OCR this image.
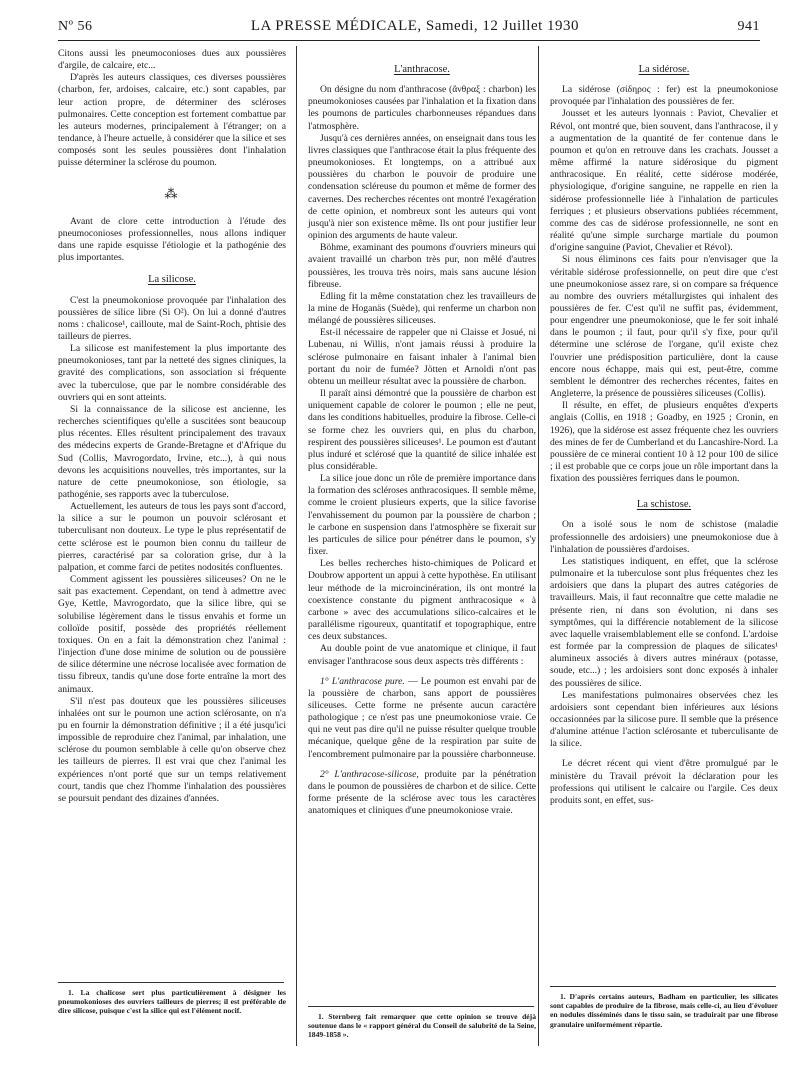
Nº 56	LA PRESSE MÉDICALE, Samedi, 12 Juillet 1930	941

Citons aussi les pneumoconioses dues aux poussières d'argile, de calcaire, etc...

D'après les auteurs classiques, ces diverses poussières (charbon, fer, ardoises, calcaire, etc.) sont capables, par leur action propre, de déterminer des scléroses pulmonaires. Cette conception est fortement combattue par les auteurs modernes, principalement à l'étranger; on a tendance, à l'heure actuelle, à considérer que la silice et ses composés sont les seules poussières dont l'inhalation puisse déterminer la sclérose du poumon.

⁂

Avant de clore cette introduction à l'étude des pneumoconioses professionnelles, nous allons indiquer dans une rapide esquisse l'étiologie et la pathogénie des plus importantes.

La silicose.

C'est la pneumokoniose provoquée par l'inhalation des poussières de silice libre (Si O²). On lui a donné d'autres noms : chalicose¹, cailloute, mal de Saint-Roch, phtisie des tailleurs de pierres.

La silicose est manifestement la plus importante des pneumokonioses, tant par la netteté des signes cliniques, la gravité des complications, son association si fréquente avec la tuberculose, que par le nombre considérable des ouvriers qui en sont atteints.

Si la connaissance de la silicose est ancienne, les recherches scientifiques qu'elle a suscitées sont beaucoup plus récentes. Elles résultent principalement des travaux des médecins experts de Grande-Bretagne et d'Afrique du Sud (Collis, Mavrogordato, Irvine, etc...), à qui nous devons les acquisitions nouvelles, très importantes, sur la nature de cette pneumokoniose, son étiologie, sa pathogénie, ses rapports avec la tuberculose.

Actuellement, les auteurs de tous les pays sont d'accord, la silice a sur le poumon un pouvoir sclérosant et tuberculisant non douteux. Le type le plus représentatif de cette sclérose est le poumon bien connu du tailleur de pierres, caractérisé par sa coloration grise, dur à la palpation, et comme farci de petites nodosités confluentes.

Comment agissent les poussières siliceuses? On ne le sait pas exactement. Cependant, on tend à admettre avec Gye, Kettle, Mavrogordato, que la silice libre, qui se solubilise légèrement dans le tissus envahis et forme un colloïde positif, possède des propriétés réellement toxiques. On en a fait la démonstration chez l'animal : l'injection d'une dose minime de solution ou de poussière de silice détermine une nécrose localisée avec formation de tissu fibreux, tandis qu'une dose forte entraîne la mort des animaux.

S'il n'est pas douteux que les poussières siliceuses inhalées ont sur le poumon une action sclérosante, on n'a pu en fournir la démonstration définitive ; il a été jusqu'ici impossible de reproduire chez l'animal, par inhalation, une sclérose du poumon semblable à celle qu'on observe chez les tailleurs de pierres. Il est vrai que chez l'animal les expériences n'ont porté que sur un temps relativement court, tandis que chez l'homme l'inhalation des poussières se poursuit pendant des dizaines d'années.

L'anthracose.

On désigne du nom d'anthracose (ἄνθραξ : charbon) les pneumokonioses causées par l'inhalation et la fixation dans les poumons de particules charbonneuses répandues dans l'atmosphère.

Jusqu'à ces dernières années, on enseignait dans tous les livres classiques que l'anthracose était la plus fréquente des pneumokonioses. Et longtemps, on a attribué aux poussières du charbon le pouvoir de produire une condensation scléreuse du poumon et même de former des cavernes. Des recherches récentes ont montré l'exagération de cette opinion, et nombreux sont les auteurs qui vont jusqu'à nier son existence même. Ils ont pour justifier leur opinion des arguments de haute valeur.

Böhme, examinant des poumons d'ouvriers mineurs qui avaient travaillé un charbon très pur, non mêlé d'autres poussières, les trouva très noirs, mais sans aucune lésion fibreuse.

Edling fit la même constatation chez les travailleurs de la mine de Hoganäs (Suède), qui renferme un charbon non mélangé de poussières siliceuses.

Est-il nécessaire de rappeler que ni Claisse et Josué, ni Lubenau, ni Willis, n'ont jamais réussi à produire la sclérose pulmonaire en faisant inhaler à l'animal bien portant du noir de fumée? Jötten et Arnoldi n'ont pas obtenu un meilleur résultat avec la poussière de charbon.

Il paraît ainsi démontré que la poussière de charbon est uniquement capable de colorer le poumon ; elle ne peut, dans les conditions habituelles, produire la fibrose. Celle-ci se forme chez les ouvriers qui, en plus du charbon, respirent des poussières siliceuses¹. Le poumon est d'autant plus induré et sclérosé que la quantité de silice inhalée est plus considérable.

La silice joue donc un rôle de première importance dans la formation des scléroses anthracosiques. Il semble même, comme le croient plusieurs experts, que la silice favorise l'envahissement du poumon par la poussière de charbon ; le carbone en suspension dans l'atmosphère se fixerait sur les particules de silice pour pénétrer dans le poumon, s'y fixer.

Les belles recherches histo-chimiques de Policard et Doubrow apportent un appui à cette hypothèse. En utilisant leur méthode de la microincinération, ils ont montré la coexistence constante du pigment anthracosique « à carbone » avec des accumulations silico-calcaires et le parallélisme rigoureux, quantitatif et topographique, entre ces deux substances.

Au double point de vue anatomique et clinique, il faut envisager l'anthracose sous deux aspects très différents :

1° L'anthracose pure. — Le poumon est envahi par de la poussière de charbon, sans apport de poussières siliceuses. Cette forme ne présente aucun caractère pathologique ; ce n'est pas une pneumokoniose vraie. Ce qui ne veut pas dire qu'il ne puisse résulter quelque trouble mécanique, quelque gêne de la respiration par suite de l'encombrement pulmonaire par la poussière charbonneuse.

2° L'anthracose-silicose, produite par la pénétration dans le poumon de poussières de charbon et de silice. Cette forme présente de la sclérose avec tous les caractères anatomiques et cliniques d'une pneumokoniose vraie.

La sidérose.

La sidérose (σίδηρος : fer) est la pneumokoniose provoquée par l'inhalation des poussières de fer.

Jousset et les auteurs lyonnais : Paviot, Chevalier et Révol, ont montré que, bien souvent, dans l'anthracose, il y a augmentation de la quantité de fer contenue dans le poumon et qu'on en retrouve dans les crachats. Jousset a même affirmé la nature sidérosique du pigment anthracosique. En réalité, cette sidérose modérée, physiologique, d'origine sanguine, ne rappelle en rien la sidérose professionnelle liée à l'inhalation de particules ferriques ; et plusieurs observations publiées récemment, comme des cas de sidérose professionnelle, ne sont en réalité qu'une simple surcharge martiale du poumon d'origine sanguine (Paviot, Chevalier et Révol).

Si nous éliminons ces faits pour n'envisager que la véritable sidérose professionnelle, on peut dire que c'est une pneumokoniose assez rare, si on compare sa fréquence au nombre des ouvriers métallurgistes qui inhalent des poussières de fer. C'est qu'il ne suffit pas, évidemment, pour engendrer une pneumokoniose, que le fer soit inhalé dans le poumon ; il faut, pour qu'il s'y fixe, pour qu'il détermine une sclérose de l'organe, qu'il existe chez l'ouvrier une prédisposition particulière, dont la cause encore nous échappe, mais qui est, peut-être, comme semblent le démontrer des recherches récentes, faites en Angleterre, la présence de poussières siliceuses (Collis).

Il résulte, en effet, de plusieurs enquêtes d'experts anglais (Collis, en 1918 ; Goadby, en 1925 ; Cronin, en 1926), que la sidérose est assez fréquente chez les ouvriers des mines de fer de Cumberland et du Lancashire-Nord. La poussière de ce minerai contient 10 à 12 pour 100 de silice ; il est probable que ce corps joue un rôle important dans la fixation des poussières ferriques dans le poumon.

La schistose.

On a isolé sous le nom de schistose (maladie professionnelle des ardoisiers) une pneumokoniose due à l'inhalation de poussières d'ardoises.

Les statistiques indiquent, en effet, que la sclérose pulmonaire et la tuberculose sont plus fréquentes chez les ardoisiers que dans la plupart des autres catégories de travailleurs. Mais, il faut reconnaître que cette maladie ne présente rien, ni dans son évolution, ni dans ses symptômes, qui la différencie notablement de la silicose avec laquelle vraisemblablement elle se confond. L'ardoise est formée par la compression de plaques de silicates¹ alumineux associés à divers autres minéraux (potasse, soude, etc...) ; les ardoisiers sont donc exposés à inhaler des poussières de silice.

Les manifestations pulmonaires observées chez les ardoisiers sont cependant bien inférieures aux lésions occasionnées par la silicose pure. Il semble que la présence d'alumine atténue l'action sclérosante et tuberculisante de la silice.

Le décret récent qui vient d'être promulgué par le ministère du Travail prévoit la déclaration pour les professions qui utilisent le calcaire ou l'argile. Ces deux produits sont, en effet, sus-

1. La chalicose sert plus particulièrement à désigner les pneumokonioses des ouvriers tailleurs de pierres; il est préférable de dire silicose, puisque c'est la silice qui est l'élément nocif.

1. Sternberg fait remarquer que cette opinion se trouve déjà soutenue dans le « rapport général du Conseil de salubrité de la Seine, 1849-1858 ».

1. D'après certains auteurs, Badham en particulier, les silicates sont capables de produire de la fibrose, mais celle-ci, au lieu d'évoluer en nodules disséminés dans le tissu sain, se traduirait par une fibrose granulaire uniformément répartie.
